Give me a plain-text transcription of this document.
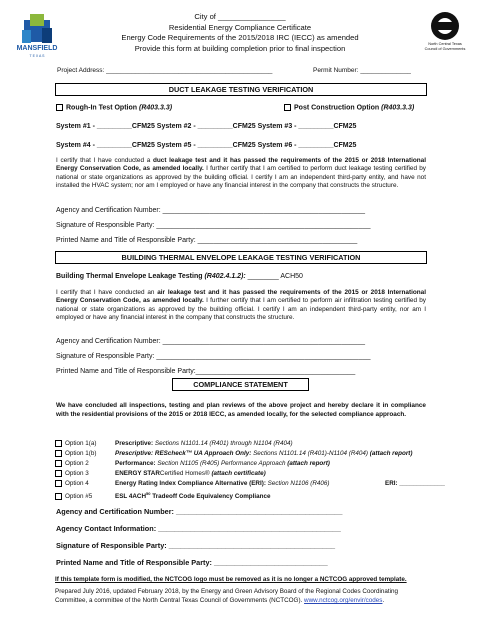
City of ________________
Residential Energy Compliance Certificate
Energy Code Requirements of the 2015/2018 IRC (IECC) as amended
Provide this form at building completion prior to final inspection
MANSFIELD
T E X A S
North Central Texas
Council of Governments
Project Address: ______________________________________________	Permit Number: ______________
DUCT LEAKAGE TESTING VERIFICATION
Rough-In Test Option (R403.3.3)	Post Construction Option (R403.3.3)
System #1 - _________CFM25 System #2 - _________CFM25 System #3 - _________CFM25
System #4 - _________CFM25 System #5 - _________CFM25 System #6 - _________CFM25
I certify that I have conducted a duct leakage test and it has passed the requirements of the 2015 or 2018 International Energy Conservation Code, as amended locally. I further certify that I am certified to perform duct leakage testing certified by national or state organizations as approved by the building official. I certify I am an independent third-party entity, and have not installed the HVAC system; nor am I employed or have any financial interest in the company that constructs the structure.
Agency and Certification Number: ____________________________________________________
Signature of Responsible Party: _______________________________________________________
Printed Name and Title of Responsible Party: _________________________________________
BUILDING THERMAL ENVELOPE LEAKAGE TESTING VERIFICATION
Building Thermal Envelope Leakage Testing (R402.4.1.2): ________ ACH50
I certify that I have conducted an air leakage test and it has passed the requirements of the 2015 or 2018 International Energy Conservation Code, as amended locally. I further certify that I am certified to perform air infiltration testing certified by national or state organizations as approved by the building official. I certify I am an independent third-party entity, nor am I employed or have any financial interest in the company that constructs the structure.
Agency and Certification Number: ____________________________________________________
Signature of Responsible Party: _______________________________________________________
Printed Name and Title of Responsible Party:_________________________________________
COMPLIANCE STATEMENT
We have concluded all inspections, testing and plan reviews of the above project and hereby declare it in compliance with the residential provisions of the 2015 or 2018 IECC, as amended locally, for the selected compliance approach.
Option 1(a)	Prescriptive: Sections N1101.14 (R401) through N1104 (R404)
Option 1(b)	Prescriptive: REScheck™ UA Approach Only: Sections N1101.14 (R401)-N1104 (R404) (attach report)
Option 2	Performance: Section N1105 (R405) Performance Approach (attach report)
Option 3	ENERGY STARCertified Homes® (attach certificate)
Option 4	Energy Rating Index Compliance Alternative (ERI): Section N1106 (R406)	ERI: _____________
Option #5	ESL 4ACH$^{50}$ Tradeoff Code Equivalency Compliance
Agency and Certification Number: _________________________________________
Agency Contact Information: _____________________________________________
Signature of Responsible Party: _________________________________________
Printed Name and Title of Responsible Party: ____________________________
If this template form is modified, the NCTCOG logo must be removed as it is no longer a NCTCOG approved template.
Prepared July 2016, updated February 2018, by the Energy and Green Advisory Board of the Regional Codes Coordinating
Committee, a committee of the North Central Texas Council of Governments (NCTCOG). www.nctcog.org/envir/codes.
